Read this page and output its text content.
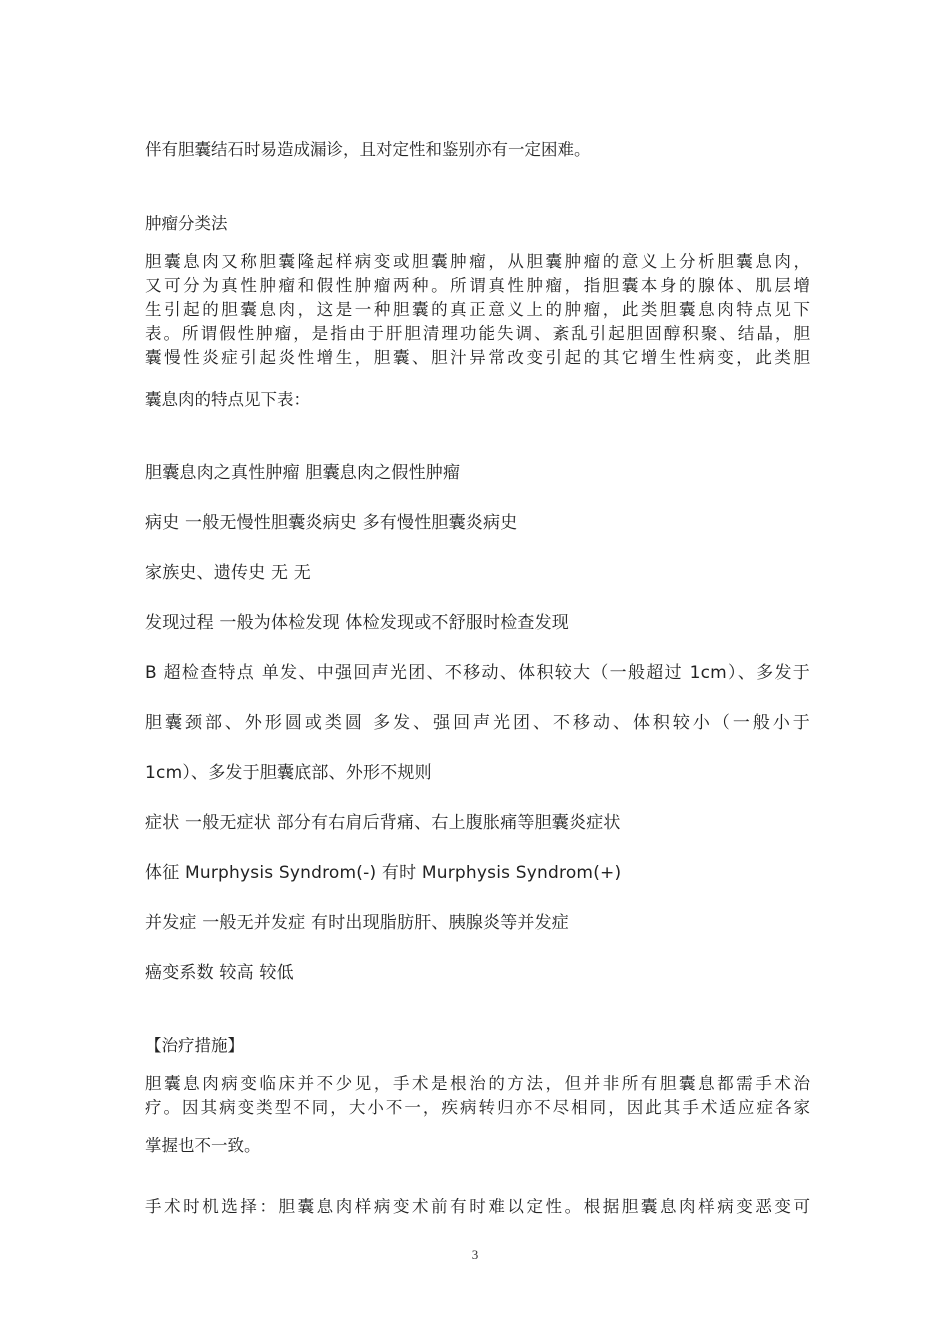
伴有胆囊结石时易造成漏诊，且对定性和鉴别亦有一定困难。
肿瘤分类法
胆囊息肉又称胆囊隆起样病变或胆囊肿瘤，从胆囊肿瘤的意义上分析胆囊息肉，
又可分为真性肿瘤和假性肿瘤两种。所谓真性肿瘤，指胆囊本身的腺体、肌层增
生引起的胆囊息肉，这是一种胆囊的真正意义上的肿瘤，此类胆囊息肉特点见下
表。所谓假性肿瘤，是指由于肝胆清理功能失调、紊乱引起胆固醇积聚、结晶，胆
囊慢性炎症引起炎性增生，胆囊、胆汁异常改变引起的其它增生性病变，此类胆
囊息肉的特点见下表：
胆囊息肉之真性肿瘤 胆囊息肉之假性肿瘤
病史 一般无慢性胆囊炎病史 多有慢性胆囊炎病史
家族史、遗传史 无 无
发现过程 一般为体检发现 体检发现或不舒服时检查发现
B 超检查特点 单发、中强回声光团、不移动、体积较大（一般超过 1cm）、多发于
胆囊颈部、外形圆或类圆 多发、强回声光团、不移动、体积较小（一般小于
1cm）、多发于胆囊底部、外形不规则
症状 一般无症状 部分有右肩后背痛、右上腹胀痛等胆囊炎症状
体征 Murphysis Syndrom(-) 有时 Murphysis Syndrom(+)
并发症 一般无并发症 有时出现脂肪肝、胰腺炎等并发症
癌变系数 较高 较低
【治疗措施】
胆囊息肉病变临床并不少见，手术是根治的方法，但并非所有胆囊息都需手术治
疗。因其病变类型不同，大小不一，疾病转归亦不尽相同，因此其手术适应症各家
掌握也不一致。
手术时机选择：胆囊息肉样病变术前有时难以定性。根据胆囊息肉样病变恶变可
3
